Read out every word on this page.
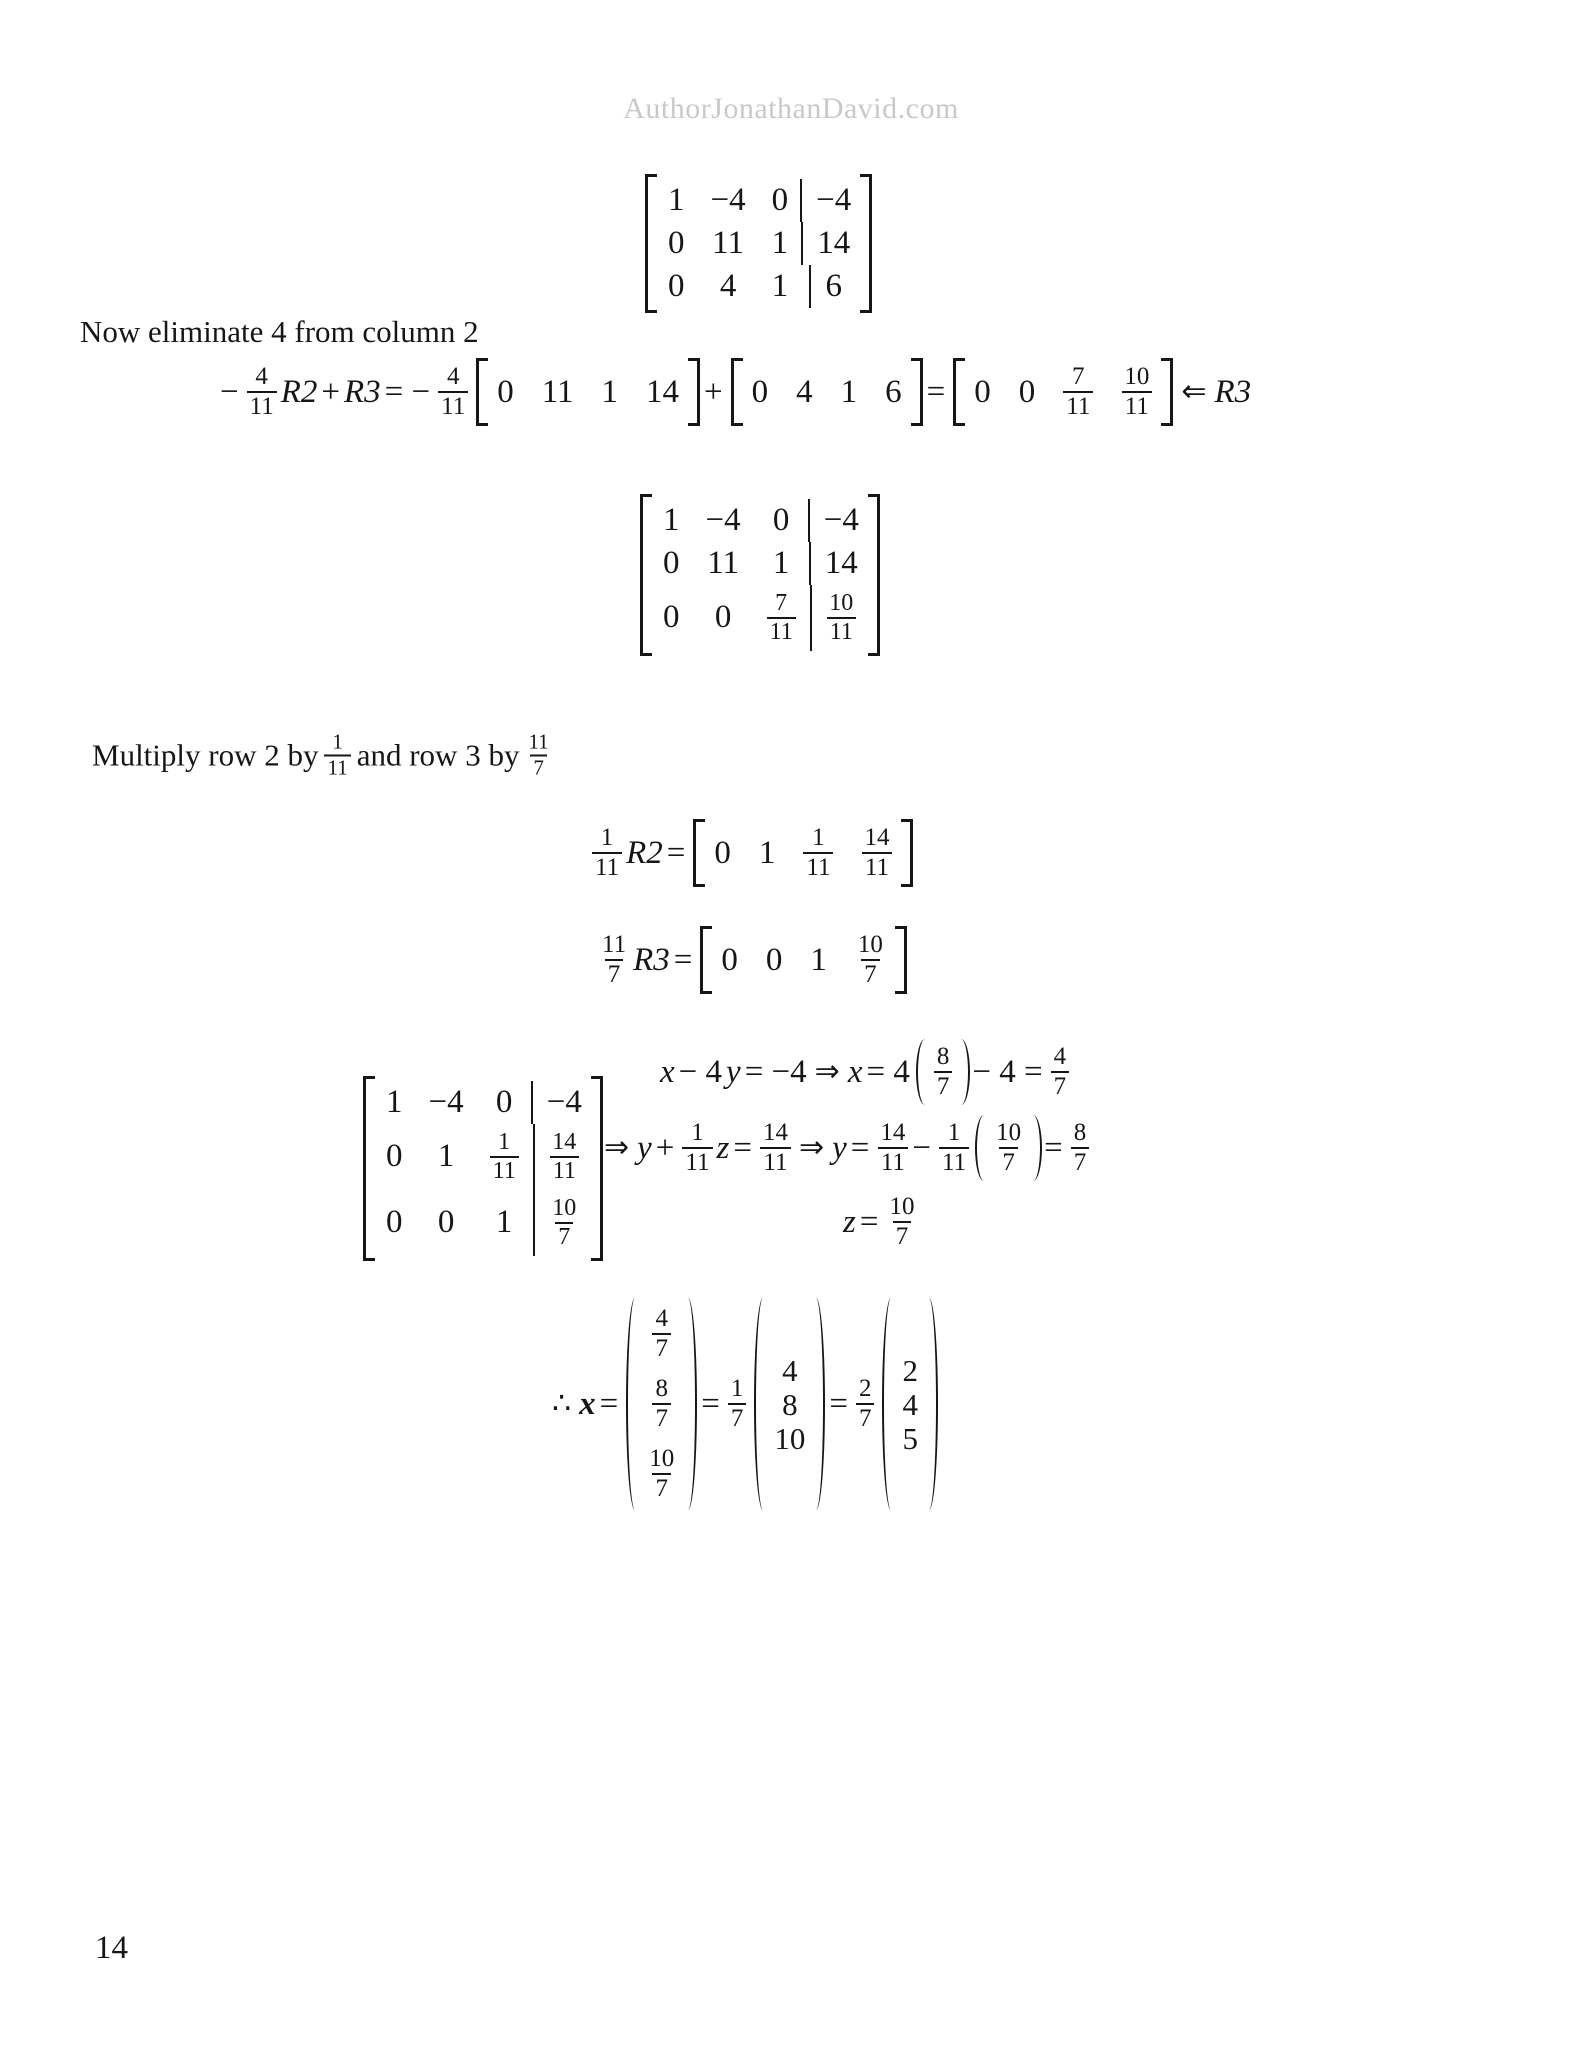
AuthorJonathanDavid.com
1 −4 0 −4
0 11 1 14
0 4 1	6
Now eliminate 4 from column 2
− $\frac{4}{11} R2 + R3$ = − $\frac{4}{11} 0$ 11 1 14 + 0 4 1 6 = 0 $0 \frac{7}{11} \frac{10}{11}$ ⇐ R3
1 −4 0	−4
0 11 1	14
0 $0 \frac{7}{11} \frac{10}{11}$
Multiply row 2 by $\frac{1}{11}$ and row 3 by $\frac{11}{7}$
$\frac{1}{11} R2 = 0$ $1 \frac{1}{11} \frac{14}{11}$
$\frac{11}{7} R3 = 0$ 0 $1 \frac{10}{7}$
1 −4 0	−4
0 $1 \frac{1}{11} \frac{14}{11}$
0 0 $1 \frac{10}{7}$
x − 4 y = −4 ⇒ $x = 4 \frac{8}{7} - 4 = \frac{4}{7}$
⇒ $y + \frac{1}{11}$ $z = \frac{14}{11}$ ⇒ $y = \frac{14}{11} - \frac{1}{11} \frac{10}{7} = \frac{8}{7}$
$z = \frac{10}{7}$
∴ x =
$\frac{4}{7}$
$\frac{8}{7}$
$\frac{10}{7}$
= $\frac{1}{7}$
4
8
10
= $\frac{2}{7}$
2
4
5
14
